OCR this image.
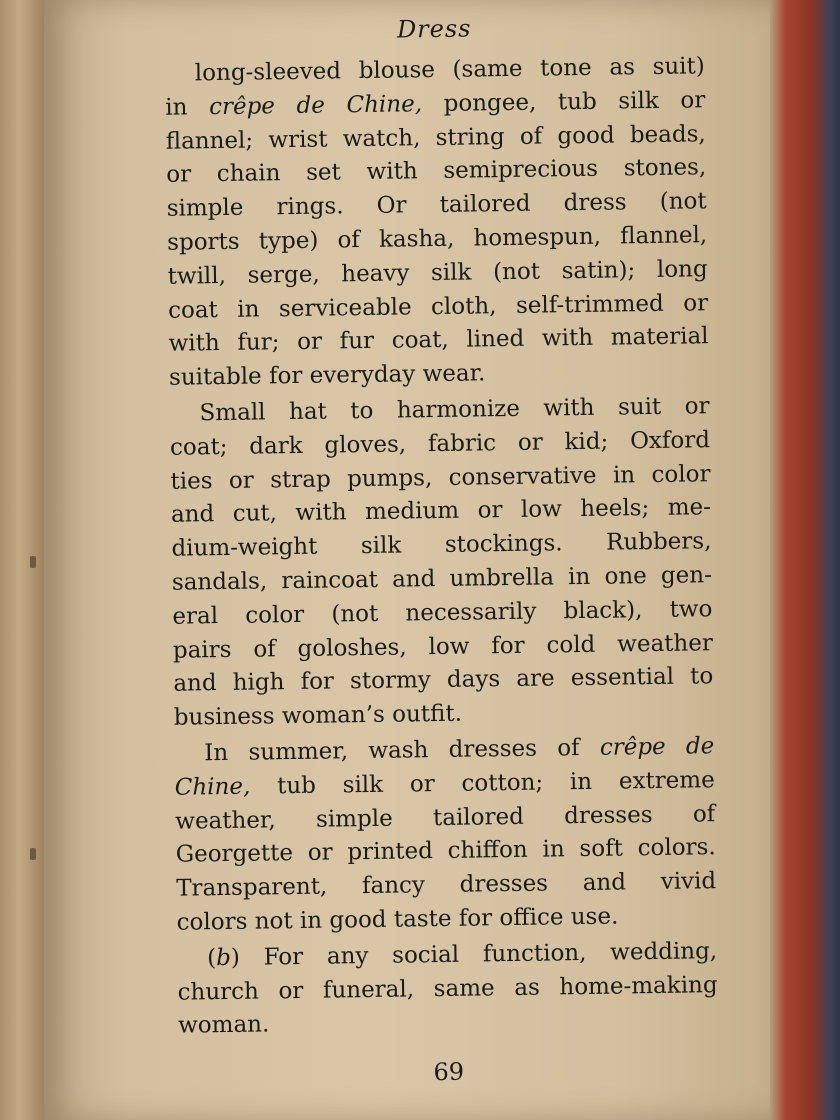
Dress
long-sleeved blouse (same tone as suit)
in crêpe de Chine, pongee, tub silk or
flannel; wrist watch, string of good beads,
or chain set with semiprecious stones,
simple rings. Or tailored dress (not
sports type) of kasha, homespun, flannel,
twill, serge, heavy silk (not satin); long
coat in serviceable cloth, self-trimmed or
with fur; or fur coat, lined with material
suitable for everyday wear.
Small hat to harmonize with suit or
coat; dark gloves, fabric or kid; Oxford
ties or strap pumps, conservative in color
and cut, with medium or low heels; me-
dium-weight silk stockings. Rubbers,
sandals, raincoat and umbrella in one gen-
eral color (not necessarily black), two
pairs of goloshes, low for cold weather
and high for stormy days are essential to
business woman’s outfit.
In summer, wash dresses of crêpe de
Chine, tub silk or cotton; in extreme
weather, simple tailored dresses of
Georgette or printed chiffon in soft colors.
Transparent, fancy dresses and vivid
colors not in good taste for office use.
(b) For any social function, wedding,
church or funeral, same as home-making
woman.
69
